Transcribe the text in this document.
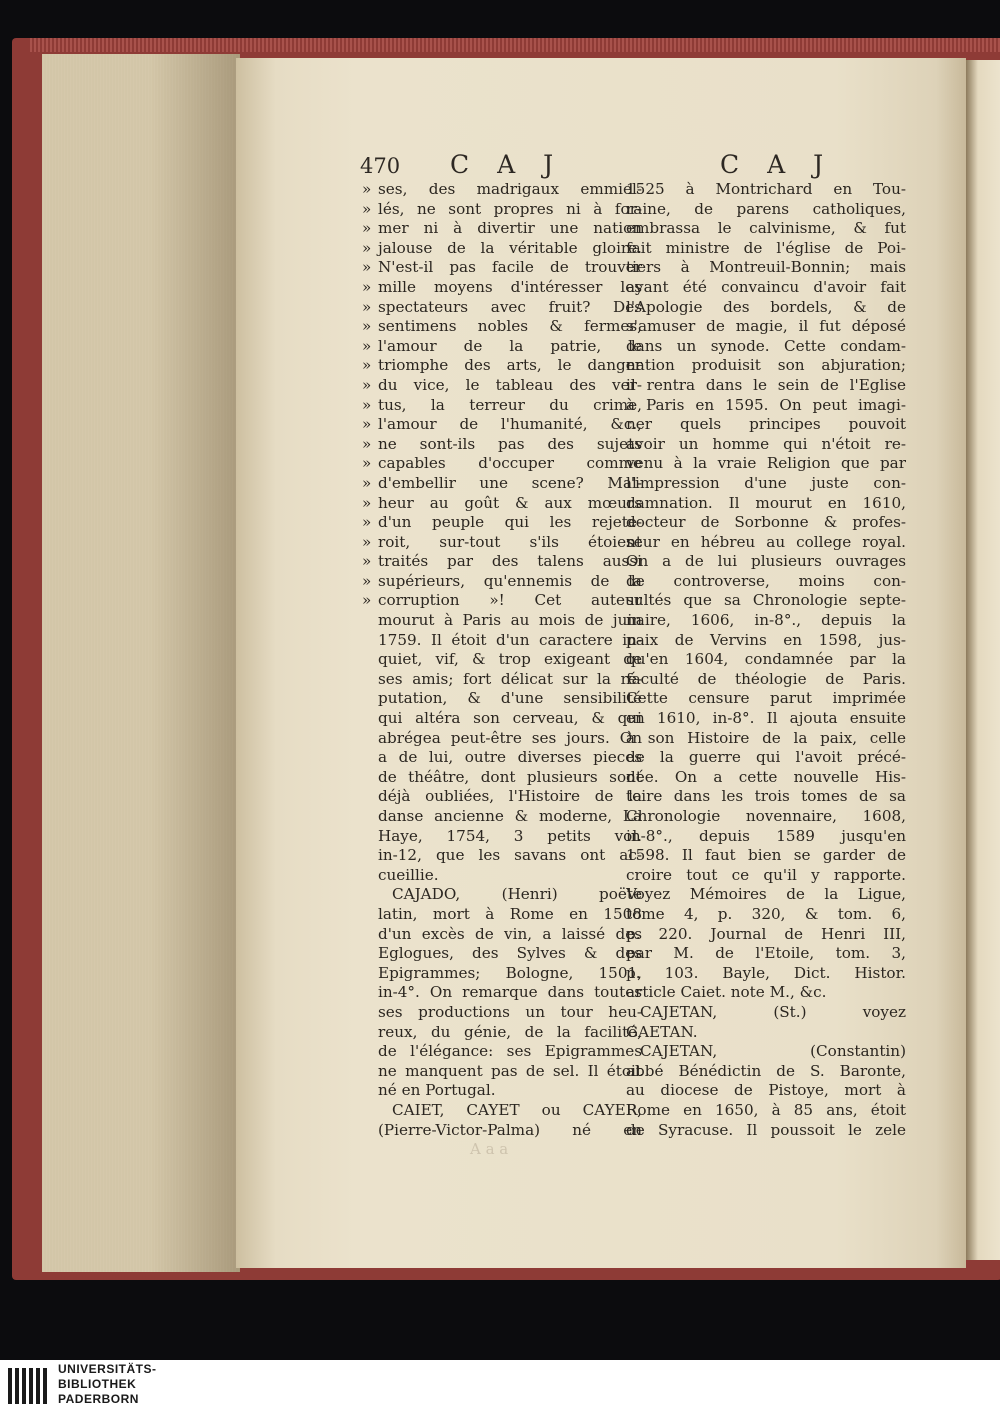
470 C A J	C A J
» ses, des madrigaux emmiel-
» lés, ne sont propres ni à for-
» mer ni à divertir une nation
» jalouse de la véritable gloire.
» N'est-il pas facile de trouver
» mille moyens d'intéresser les
» spectateurs avec fruit? Des
» sentimens nobles & fermes,
» l'amour de la patrie, le
» triomphe des arts, le danger
» du vice, le tableau des ver-
» tus, la terreur du crime,
» l'amour de l'humanité, &c.,
» ne sont-ils pas des sujets
» capables d'occuper comme
» d'embellir une scene? Mal-
» heur au goût & aux mœurs
» d'un peuple qui les rejete-
» roit, sur-tout s'ils étoient
» traités par des talens aussi
» supérieurs, qu'ennemis de la
» corruption »! Cet auteur
mourut à Paris au mois de juin
1759. Il étoit d'un caractere in-
quiet, vif, & trop exigeant de
ses amis; fort délicat sur la ré-
putation, & d'une sensibilité
qui altéra son cerveau, & qui
abrégea peut-être ses jours. On
a de lui, outre diverses pieces
de théâtre, dont plusieurs sont
déjà oubliées, l'Histoire de la
danse ancienne & moderne, La
Haye, 1754, 3 petits vol.
in-12, que les savans ont ac-
cueillie.
CAJADO, (Henri) poëte
latin, mort à Rome en 1508
d'un excès de vin, a laissé des
Eglogues, des Sylves & des
Epigrammes; Bologne, 1501,
in-4°. On remarque dans toutes
ses productions un tour heu-
reux, du génie, de la facilité,
de l'élégance: ses Epigrammes
ne manquent pas de sel. Il étoit
né en Portugal.
CAIET, CAYET ou CAYER,
(Pierre-Victor-Palma) né en
1525 à Montrichard en Tou-
raine, de parens catholiques,
embrassa le calvinisme, & fut
fait ministre de l'église de Poi-
tiers à Montreuil-Bonnin; mais
ayant été convaincu d'avoir fait
l'Apologie des bordels, & de
s'amuser de magie, il fut déposé
dans un synode. Cette condam-
nation produisit son abjuration;
il rentra dans le sein de l'Eglise
à Paris en 1595. On peut imagi-
ner quels principes pouvoit
avoir un homme qui n'étoit re-
venu à la vraie Religion que par
l'impression d'une juste con-
damnation. Il mourut en 1610,
docteur de Sorbonne & profes-
seur en hébreu au college royal.
On a de lui plusieurs ouvrages
de controverse, moins con-
sultés que sa Chronologie septe-
naire, 1606, in-8°., depuis la
paix de Vervins en 1598, jus-
qu'en 1604, condamnée par la
faculté de théologie de Paris.
Cette censure parut imprimée
en 1610, in-8°. Il ajouta ensuite
à son Histoire de la paix, celle
de la guerre qui l'avoit précé-
dée. On a cette nouvelle His-
toire dans les trois tomes de sa
Chronologie novennaire, 1608,
in-8°., depuis 1589 jusqu'en
1598. Il faut bien se garder de
croire tout ce qu'il y rapporte.
Voyez Mémoires de la Ligue,
tome 4, p. 320, & tom. 6,
p. 220. Journal de Henri III,
par M. de l'Etoile, tom. 3,
p. 103. Bayle, Dict. Histor.
article Caiet. note M., &c.
CAJETAN, (St.) voyez
GAETAN.
CAJETAN, (Constantin)
abbé Bénédictin de S. Baronte,
au diocese de Pistoye, mort à
Rome en 1650, à 85 ans, étoit
de Syracuse. Il poussoit le zele
A a a
UNIVERSITÄTS-
BIBLIOTHEK
PADERBORN
